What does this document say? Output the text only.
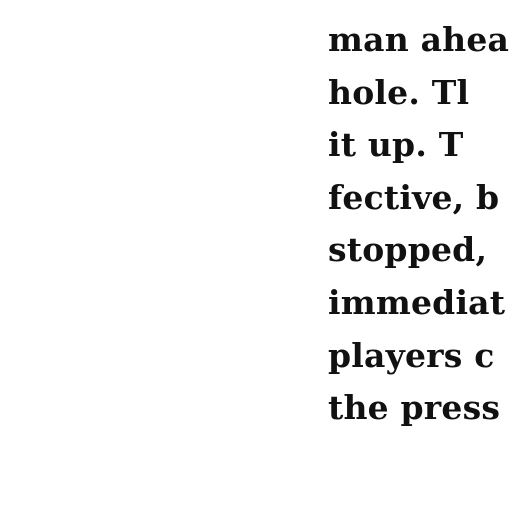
man ahea
hole. Tl
it up. T
fective, b
stopped,
immediat
players c
the press
